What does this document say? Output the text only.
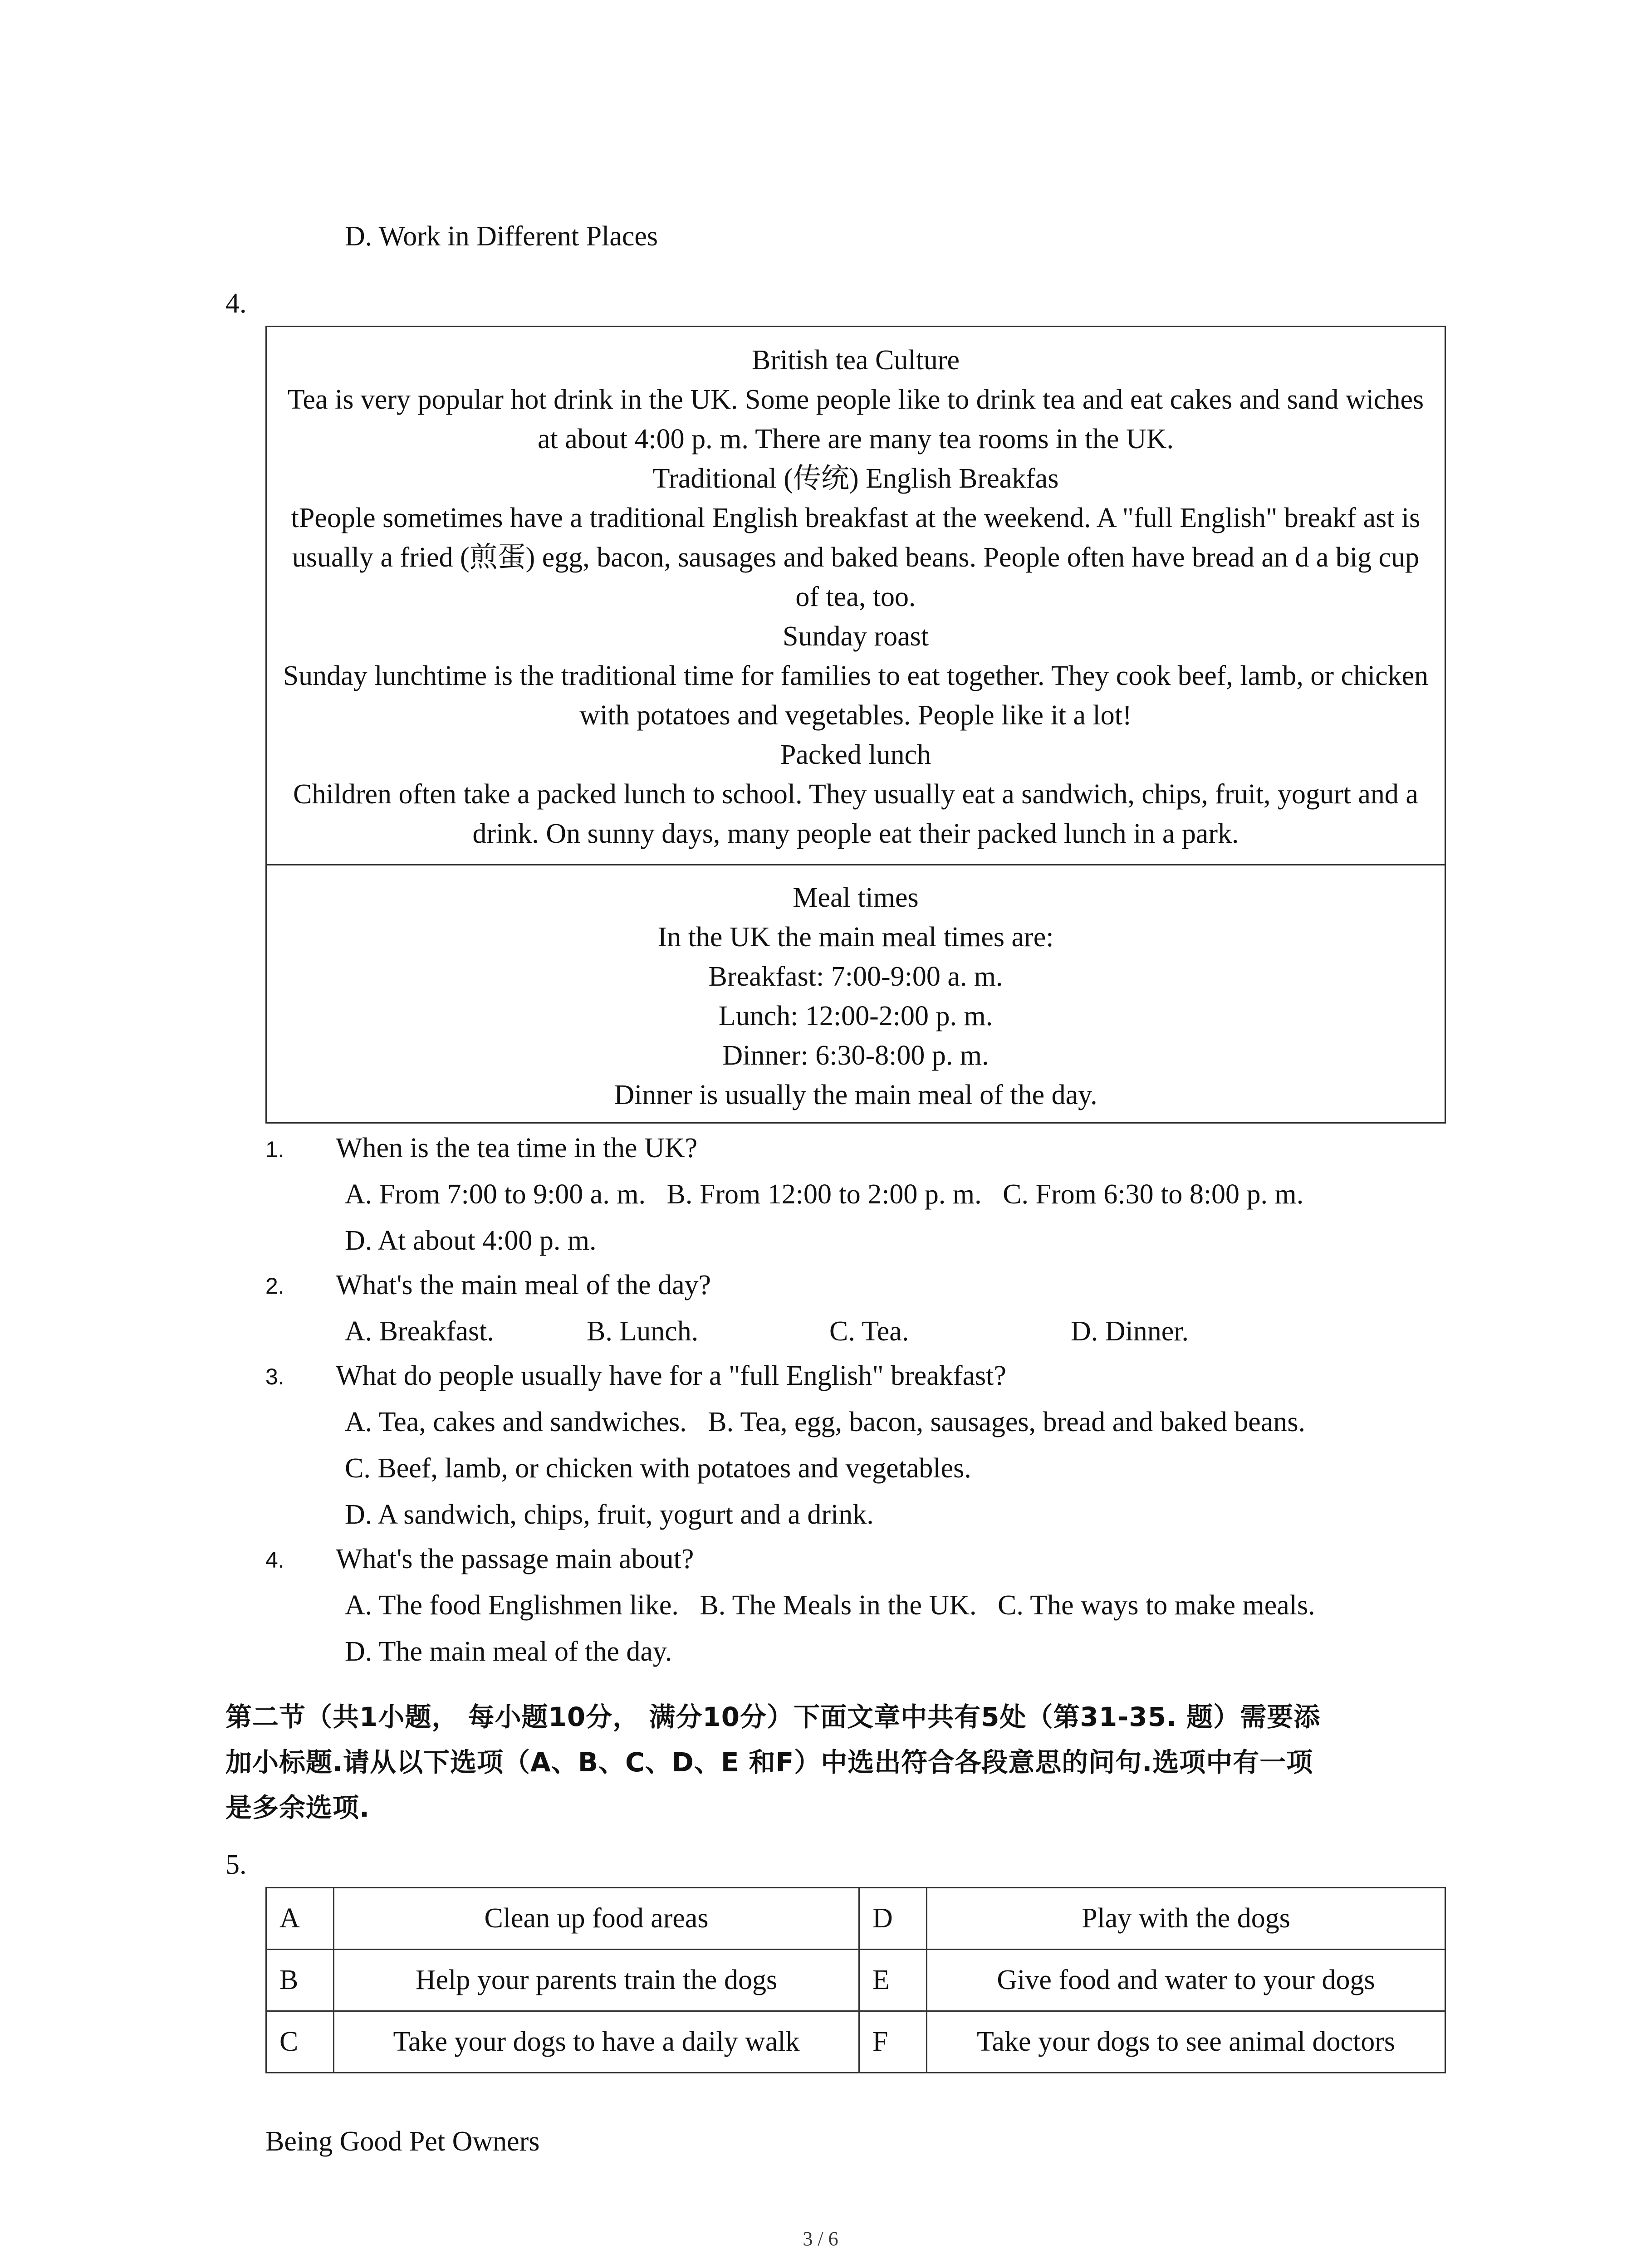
D. Work in Different Places
4.
British tea Culture
Tea is very popular hot drink in the UK. Some people like to drink tea and eat cakes and sand wiches at about 4:00 p. m. There are many tea rooms in the UK.
Traditional (传统) English Breakfas
tPeople sometimes have a traditional English breakfast at the weekend. A "full English" breakf ast is usually a fried (煎蛋) egg, bacon, sausages and baked beans. People often have bread an d a big cup of tea, too.
Sunday roast
Sunday lunchtime is the traditional time for families to eat together. They cook beef, lamb, or chicken with potatoes and vegetables. People like it a lot!
Packed lunch
Children often take a packed lunch to school. They usually eat a sandwich, chips, fruit, yogurt and a drink. On sunny days, many people eat their packed lunch in a park.
Meal times
In the UK the main meal times are:
Breakfast: 7:00-9:00 a. m.
Lunch: 12:00-2:00 p. m.
Dinner: 6:30-8:00 p. m.
Dinner is usually the main meal of the day.
1. When is the tea time in the UK?
A. From 7:00 to 9:00 a. m.   B. From 12:00 to 2:00 p. m.   C. From 6:30 to 8:00 p. m.
D. At about 4:00 p. m.
2. What's the main meal of the day?
A. Breakfast.	B. Lunch.	C. Tea.	D. Dinner.
3. What do people usually have for a "full English" breakfast?
A. Tea, cakes and sandwiches.   B. Tea, egg, bacon, sausages, bread and baked beans.
C. Beef, lamb, or chicken with potatoes and vegetables.
D. A sandwich, chips, fruit, yogurt and a drink.
4. What's the passage main about?
A. The food Englishmen like.   B. The Meals in the UK.   C. The ways to make meals.
D. The main meal of the day.
第二节（共1小题， 每小题10分， 满分10分）下面文章中共有5处（第31-35. 题）需要添
加小标题.请从以下选项（A、B、C、D、E 和F）中选出符合各段意思的问句.选项中有一项
是多余选项.
5.
A	Clean up food areas	D	Play with the dogs
B	Help your parents train the dogs	E	Give food and water to your dogs
C	Take your dogs to have a daily walk	F	Take your dogs to see animal doctors
Being Good Pet Owners
3 / 6
